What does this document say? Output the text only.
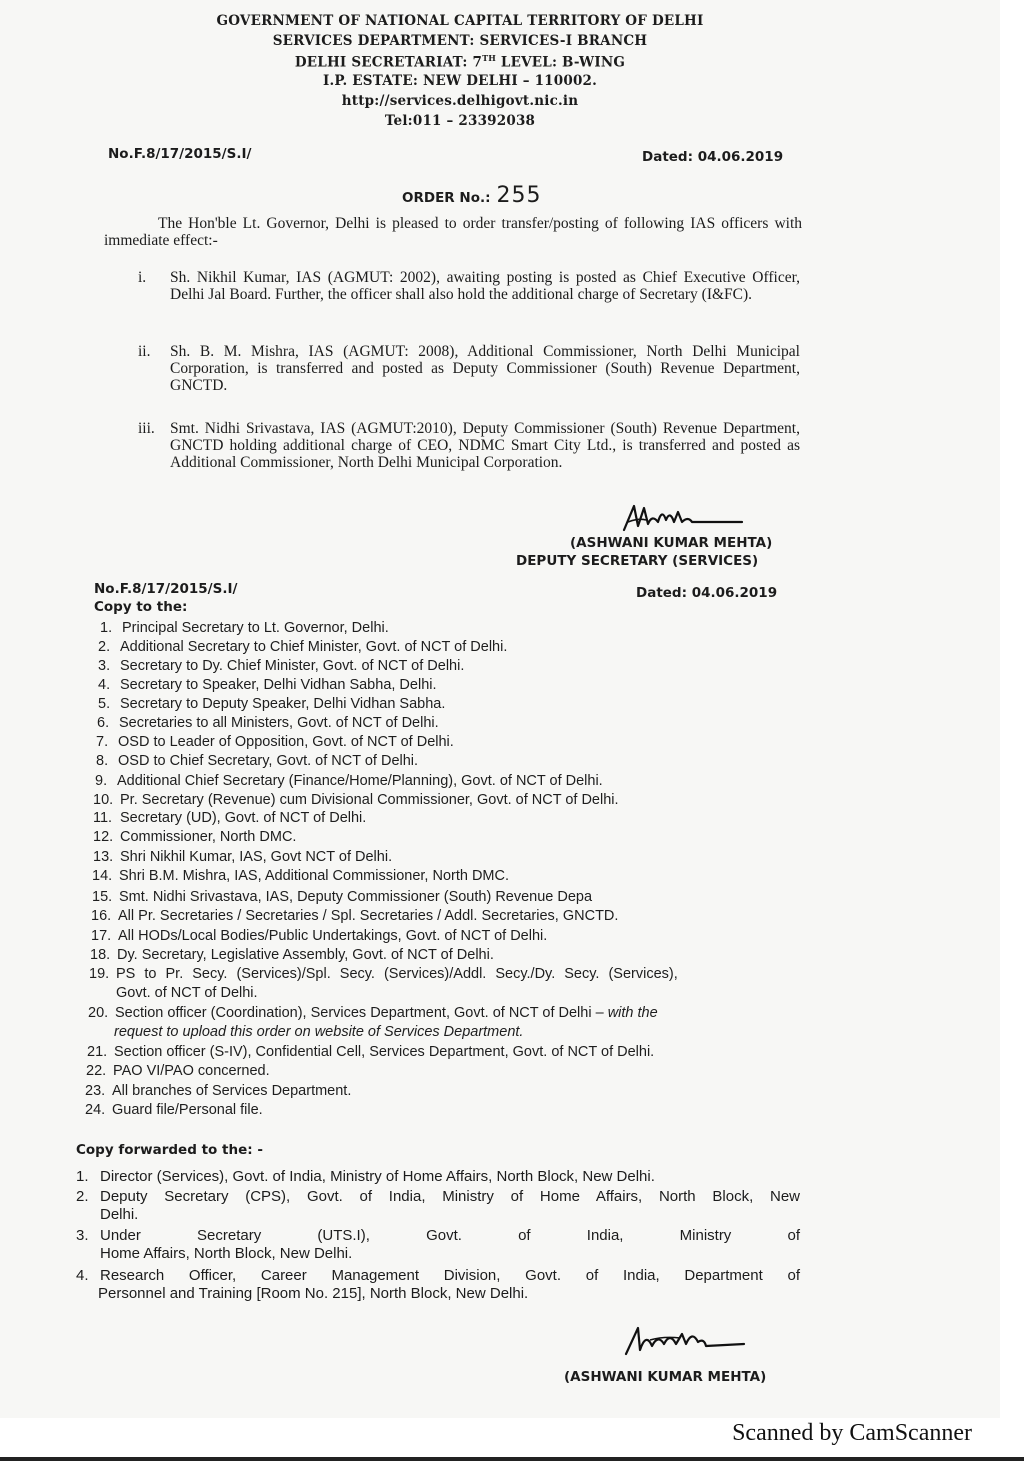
GOVERNMENT OF NATIONAL CAPITAL TERRITORY OF DELHI
SERVICES DEPARTMENT: SERVICES-I BRANCH
DELHI SECRETARIAT: 7TH LEVEL: B-WING
I.P. ESTATE: NEW DELHI – 110002.
http://services.delhigovt.nic.in
Tel:011 – 23392038
No.F.8/17/2015/S.I/	Dated: 04.06.2019
ORDER No.: 255
The Hon'ble Lt. Governor, Delhi is pleased to order transfer/posting of following IAS officers with immediate effect:-
i. Sh. Nikhil Kumar, IAS (AGMUT: 2002), awaiting posting is posted as Chief Executive Officer, Delhi Jal Board. Further, the officer shall also hold the additional charge of Secretary (I&FC).
ii. Sh. B. M. Mishra, IAS (AGMUT: 2008), Additional Commissioner, North Delhi Municipal Corporation, is transferred and posted as Deputy Commissioner (South) Revenue Department, GNCTD.
iii. Smt. Nidhi Srivastava, IAS (AGMUT:2010), Deputy Commissioner (South) Revenue Department, GNCTD holding additional charge of CEO, NDMC Smart City Ltd., is transferred and posted as Additional Commissioner, North Delhi Municipal Corporation.
(ASHWANI KUMAR MEHTA)
DEPUTY SECRETARY (SERVICES)
No.F.8/17/2015/S.I/	Dated: 04.06.2019
Copy to the:
1. Principal Secretary to Lt. Governor, Delhi.
2. Additional Secretary to Chief Minister, Govt. of NCT of Delhi.
3. Secretary to Dy. Chief Minister, Govt. of NCT of Delhi.
4. Secretary to Speaker, Delhi Vidhan Sabha, Delhi.
5. Secretary to Deputy Speaker, Delhi Vidhan Sabha.
6. Secretaries to all Ministers, Govt. of NCT of Delhi.
7. OSD to Leader of Opposition, Govt. of NCT of Delhi.
8. OSD to Chief Secretary, Govt. of NCT of Delhi.
9. Additional Chief Secretary (Finance/Home/Planning), Govt. of NCT of Delhi.
10. Pr. Secretary (Revenue) cum Divisional Commissioner, Govt. of NCT of Delhi.
11. Secretary (UD), Govt. of NCT of Delhi.
12. Commissioner, North DMC.
13. Shri Nikhil Kumar, IAS, Govt NCT of Delhi.
14. Shri B.M. Mishra, IAS, Additional Commissioner, North DMC.
15. Smt. Nidhi Srivastava, IAS, Deputy Commissioner (South) Revenue Depa
16. All Pr. Secretaries / Secretaries / Spl. Secretaries / Addl. Secretaries, GNCTD.
17. All HODs/Local Bodies/Public Undertakings, Govt. of NCT of Delhi.
18. Dy. Secretary, Legislative Assembly, Govt. of NCT of Delhi.
19. PS to Pr. Secy. (Services)/Spl. Secy. (Services)/Addl. Secy./Dy. Secy. (Services),
Govt. of NCT of Delhi.
20. Section officer (Coordination), Services Department, Govt. of NCT of Delhi – with the
request to upload this order on website of Services Department.
21. Section officer (S-IV), Confidential Cell, Services Department, Govt. of NCT of Delhi.
22. PAO VI/PAO concerned.
23. All branches of Services Department.
24. Guard file/Personal file.
Copy forwarded to the: -
1. Director (Services), Govt. of India, Ministry of Home Affairs, North Block, New Delhi.
2. Deputy Secretary (CPS), Govt. of India, Ministry of Home Affairs, North Block, New
Delhi.
3. Under Secretary (UTS.I), Govt. of India, Ministry of
Home Affairs, North Block, New Delhi.
4. Research Officer, Career Management Division, Govt. of India, Department of
Personnel and Training [Room No. 215], North Block, New Delhi.
(ASHWANI KUMAR MEHTA)
Scanned by CamScanner
